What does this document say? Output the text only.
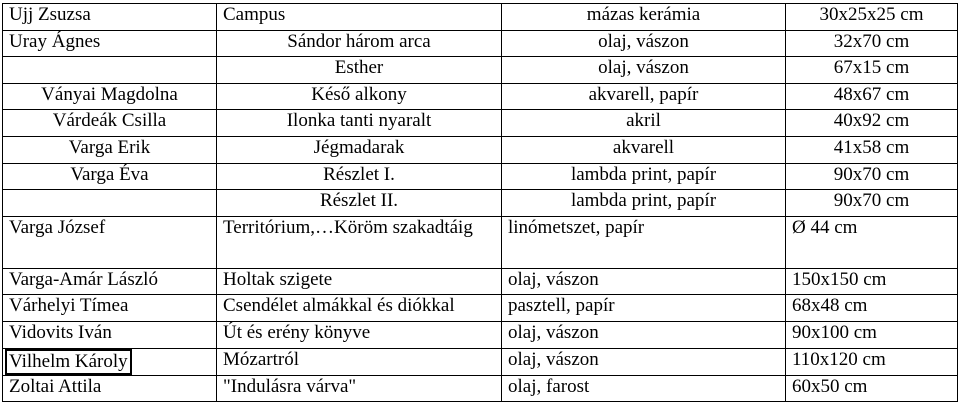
Ujj Zsuzsa	Campus	mázas kerámia	30x25x25 cm
Uray Ágnes	Sándor három arca	olaj, vászon	32x70 cm
	Esther	olaj, vászon	67x15 cm
Ványai Magdolna	Késő alkony	akvarell, papír	48x67 cm
Várdeák Csilla	Ilonka tanti nyaralt	akril	40x92 cm
Varga Erik	Jégmadarak	akvarell	41x58 cm
Varga Éva	Részlet I.	lambda print, papír	90x70 cm
	Részlet II.	lambda print, papír	90x70 cm
Varga József	Territórium,…Köröm szakadtáig	linómetszet, papír	Ø 44 cm
Varga-Amár László	Holtak szigete	olaj, vászon	150x150 cm
Várhelyi Tímea	Csendélet almákkal és diókkal	pasztell, papír	68x48 cm
Vidovits Iván	Út és erény könyve	olaj, vászon	90x100 cm
Vilhelm Károly	Mózartról	olaj, vászon	110x120 cm
Zoltai Attila	"Indulásra várva"	olaj, farost	60x50 cm
